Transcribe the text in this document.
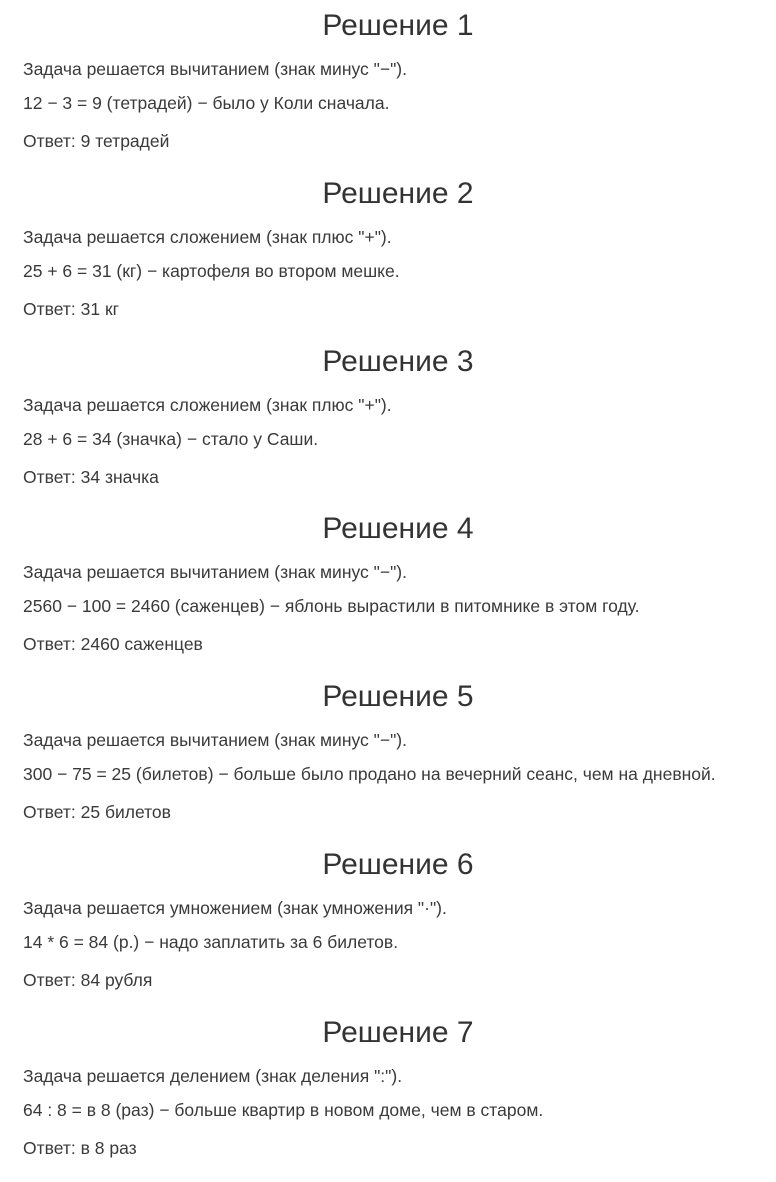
Решение 1

Задача решается вычитанием (знак минус "−").

12 − 3 = 9 (тетрадей) − было у Коли сначала.

Ответ: 9 тетрадей

Решение 2

Задача решается сложением (знак плюс "+").

25 + 6 = 31 (кг) − картофеля во втором мешке.

Ответ: 31 кг

Решение 3

Задача решается сложением (знак плюс "+").

28 + 6 = 34 (значка) − стало у Саши.

Ответ: 34 значка

Решение 4

Задача решается вычитанием (знак минус "−").

2560 − 100 = 2460 (саженцев) − яблонь вырастили в питомнике в этом году.

Ответ: 2460 саженцев

Решение 5

Задача решается вычитанием (знак минус "−").

300 − 75 = 25 (билетов) − больше было продано на вечерний сеанс, чем на дневной.

Ответ: 25 билетов

Решение 6

Задача решается умножением (знак умножения "·").

14 * 6 = 84 (р.) − надо заплатить за 6 билетов.

Ответ: 84 рубля

Решение 7

Задача решается делением (знак деления ":").

64 : 8 = в 8 (раз) − больше квартир в новом доме, чем в старом.

Ответ: в 8 раз
